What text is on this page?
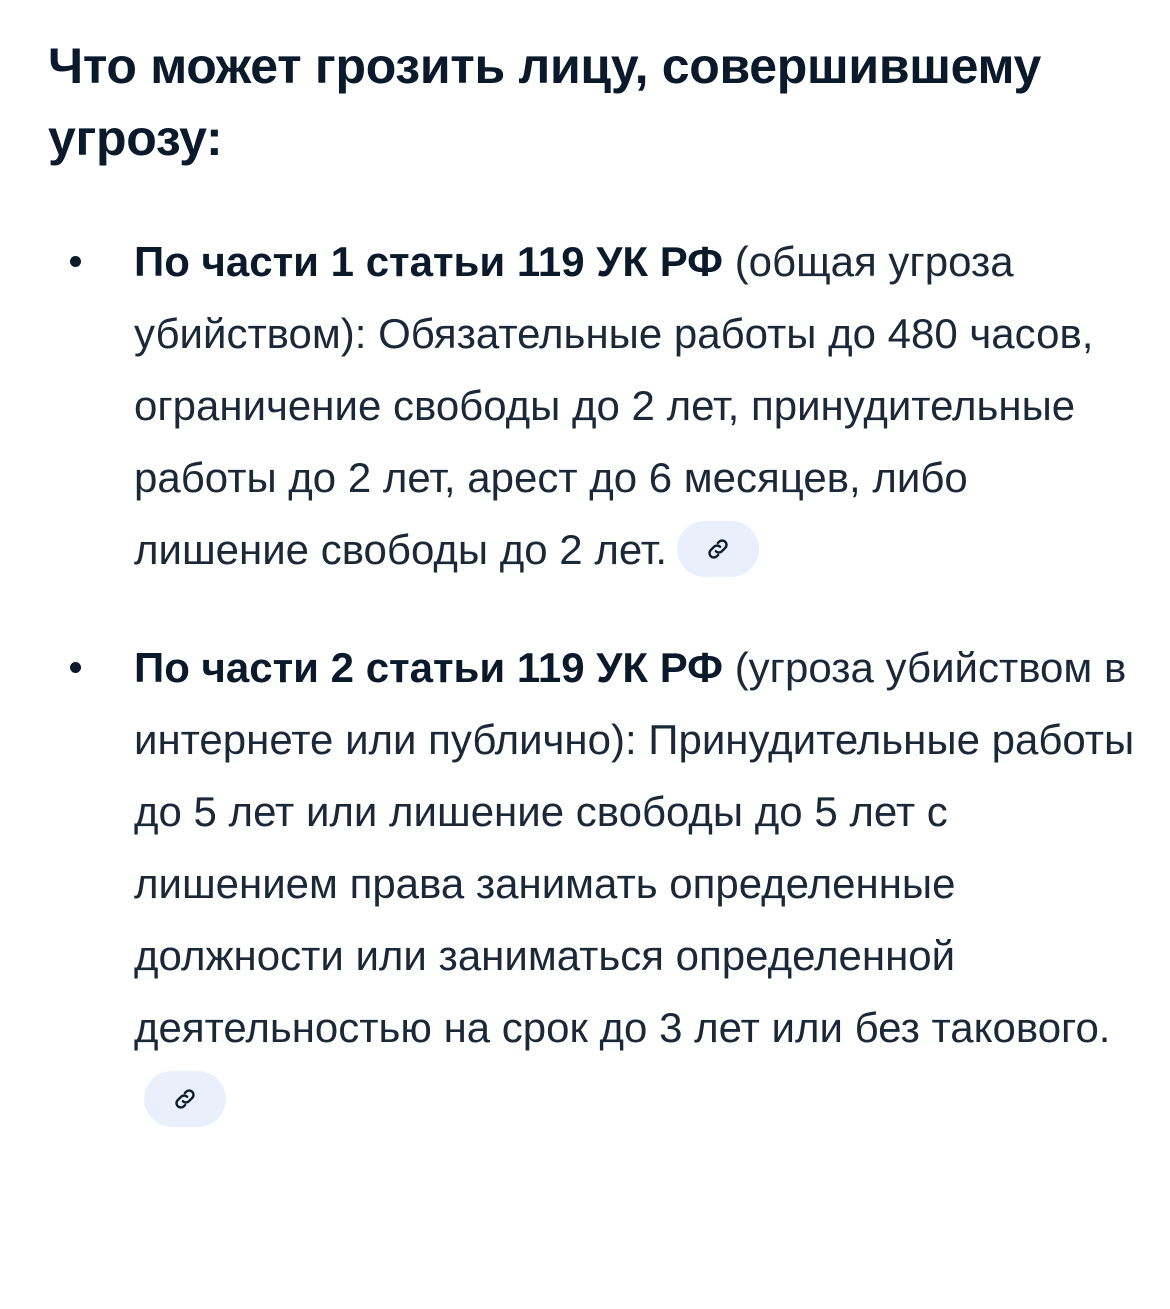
Что может грозить лицу, совершившему угрозу:
По части 1 статьи 119 УК РФ (общая угроза убийством): Обязательные работы до 480 часов, ограничение свободы до 2 лет, принудительные работы до 2 лет, арест до 6 месяцев, либо лишение свободы до 2 лет.
По части 2 статьи 119 УК РФ (угроза убийством в интернете или публично): Принудительные работы до 5 лет или лишение свободы до 5 лет с лишением права занимать определенные должности или заниматься определенной деятельностью на срок до 3 лет или без такового.
